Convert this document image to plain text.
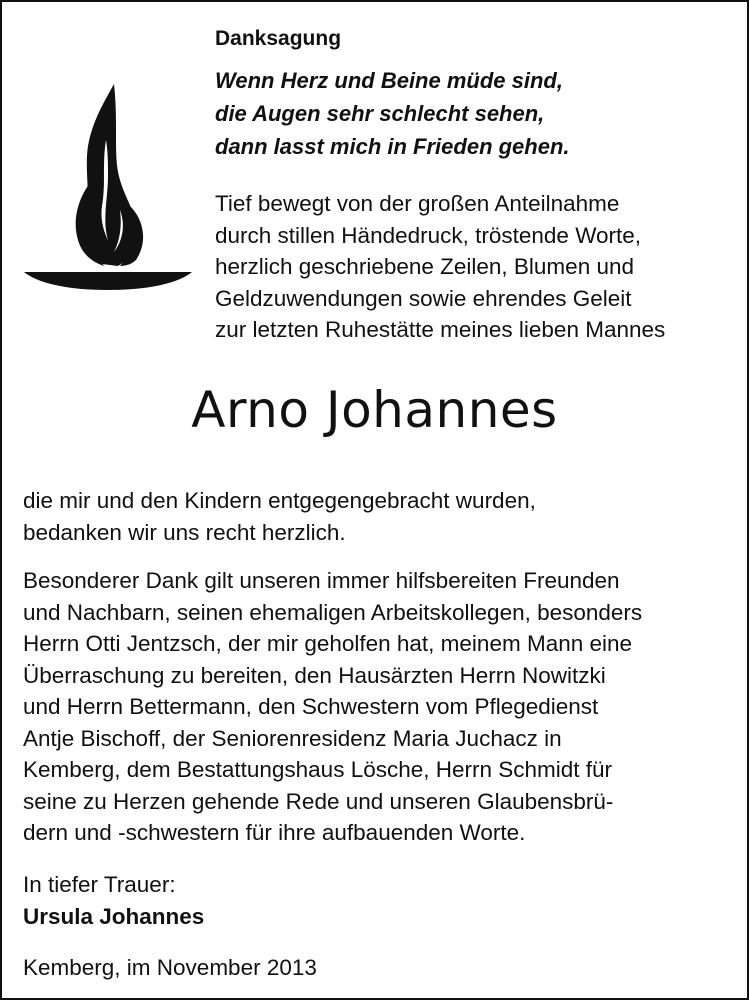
Danksagung
Wenn Herz und Beine müde sind,
die Augen sehr schlecht sehen,
dann lasst mich in Frieden gehen.
Tief bewegt von der großen Anteilnahme
durch stillen Händedruck, tröstende Worte,
herzlich geschriebene Zeilen, Blumen und
Geldzuwendungen sowie ehrendes Geleit
zur letzten Ruhestätte meines lieben Mannes
Arno Johannes
die mir und den Kindern entgegengebracht wurden,
bedanken wir uns recht herzlich.
Besonderer Dank gilt unseren immer hilfsbereiten Freunden
und Nachbarn, seinen ehemaligen Arbeitskollegen, besonders
Herrn Otti Jentzsch, der mir geholfen hat, meinem Mann eine
Überraschung zu bereiten, den Hausärzten Herrn Nowitzki
und Herrn Bettermann, den Schwestern vom Pflegedienst
Antje Bischoff, der Seniorenresidenz Maria Juchacz in
Kemberg, dem Bestattungshaus Lösche, Herrn Schmidt für
seine zu Herzen gehende Rede und unseren Glaubensbrü-
dern und -schwestern für ihre aufbauenden Worte.
In tiefer Trauer:
Ursula Johannes
Kemberg, im November 2013
